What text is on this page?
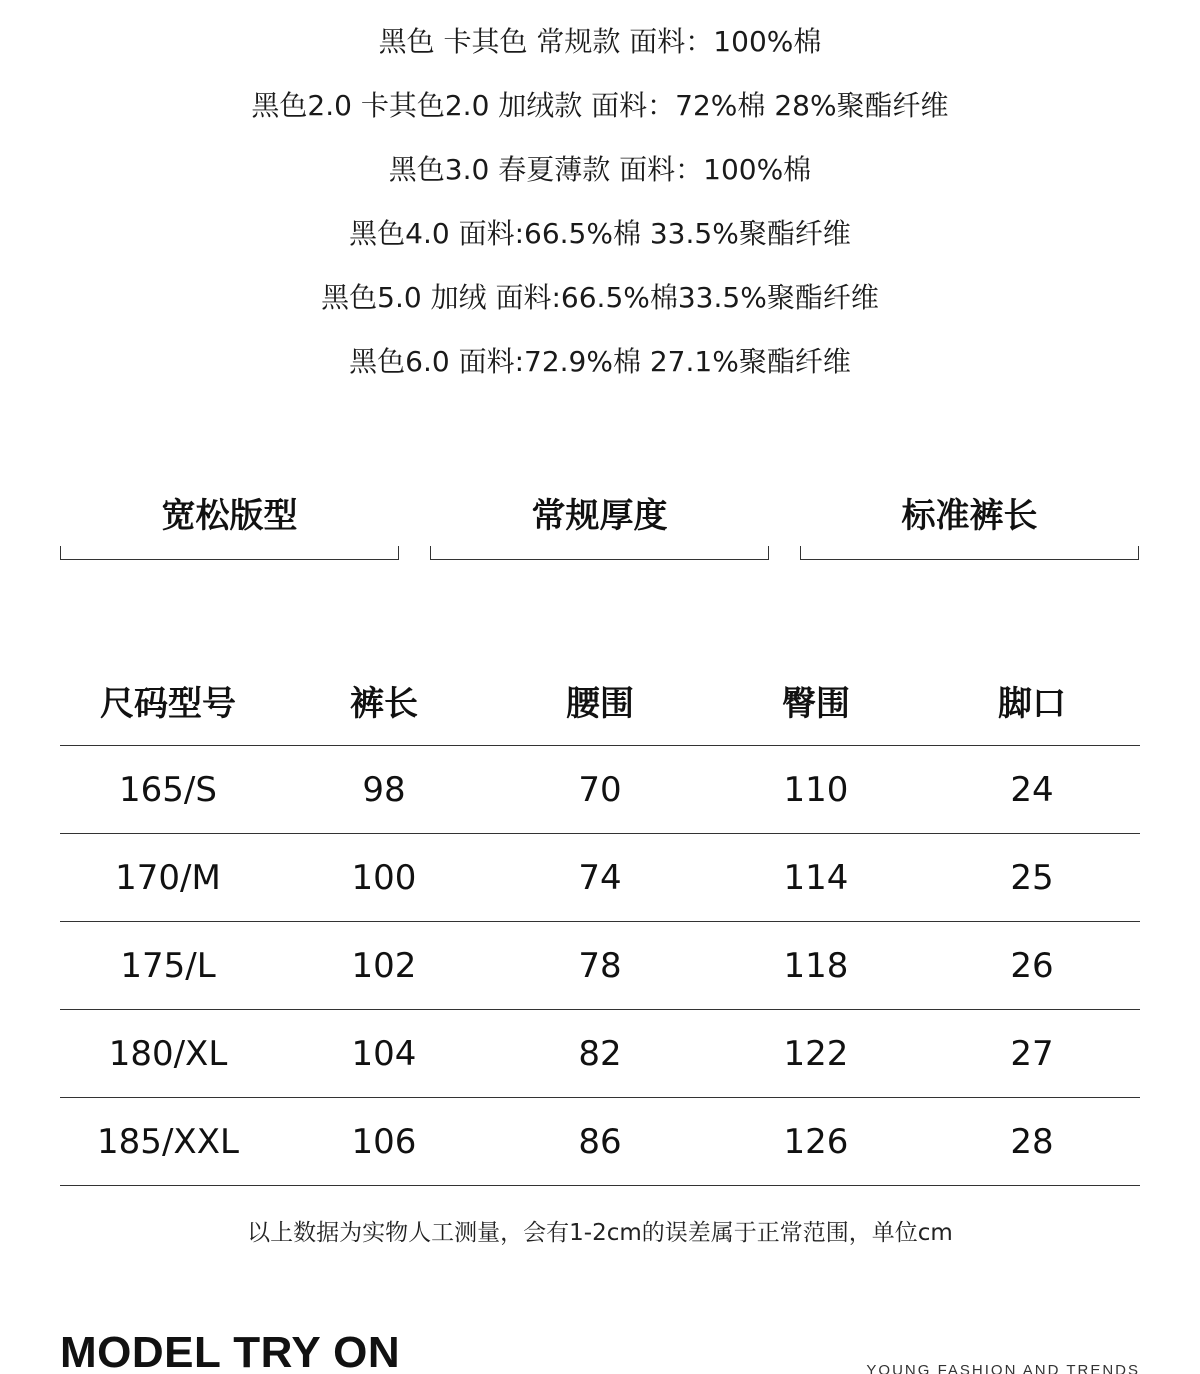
黑色 卡其色 常规款 面料：100%棉
黑色2.0 卡其色2.0 加绒款 面料：72%棉 28%聚酯纤维
黑色3.0 春夏薄款 面料：100%棉
黑色4.0 面料:66.5%棉 33.5%聚酯纤维
黑色5.0 加绒 面料:66.5%棉33.5%聚酯纤维
黑色6.0 面料:72.9%棉 27.1%聚酯纤维
宽松版型	常规厚度	标准裤长
尺码型号	裤长	腰围	臀围	脚口
165/S	98	70	110	24
170/M	100	74	114	25
175/L	102	78	118	26
180/XL	104	82	122	27
185/XXL	106	86	126	28
以上数据为实物人工测量，会有1-2cm的误差属于正常范围，单位cm
MODEL TRY ON	YOUNG FASHION AND TRENDS
